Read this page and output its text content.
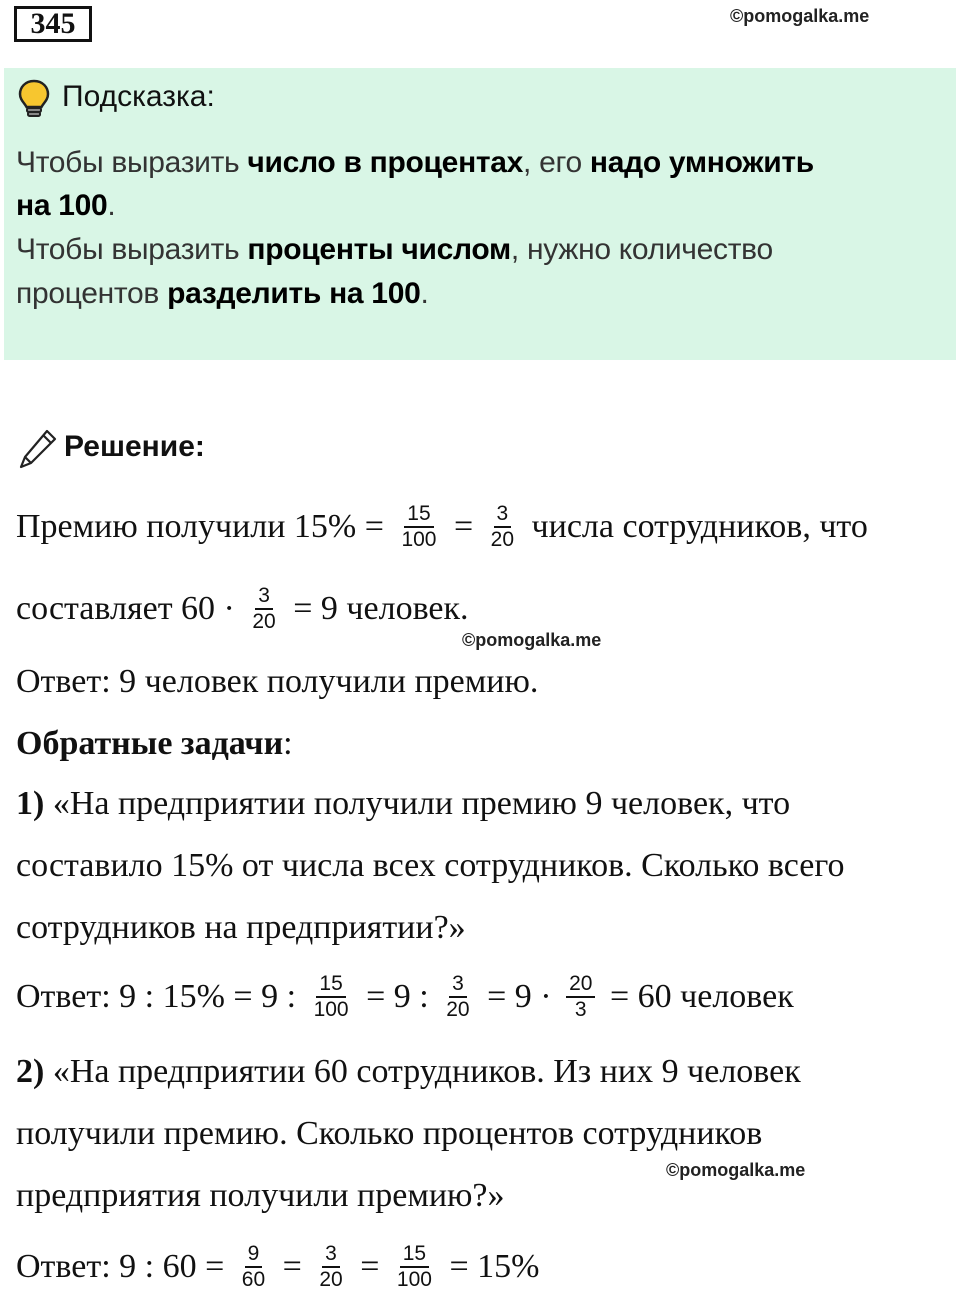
345	©pomogalka.me
Подсказка:
Чтобы выразить число в процентах, его надо умножить
на 100.
Чтобы выразить проценты числом, нужно количество
процентов разделить на 100.
Решение:
Премию получили $15\% = \frac{15}{100} = \frac{3}{20}$ числа сотрудников, что
составляет $60 \cdot \frac{3}{20} = 9$ человек.
©pomogalka.me
Ответ: 9 человек получили премию.
Обратные задачи :
1) «На предприятии получили премию 9 человек, что
составило 15% от числа всех сотрудников. Сколько всего
сотрудников на предприятии?»
Ответ: 9 : 15% = 9 : $\frac{15}{100} = 9$ : $\frac{3}{20} = 9 \cdot \frac{20}{3} = 60$ человек
2) «На предприятии 60 сотрудников. Из них 9 человек
получили премию. Сколько процентов сотрудников
©pomogalka.me
предприятия получили премию?»
Ответ: 9 : $60 = \frac{9}{60} = \frac{3}{20} = \frac{15}{100} = 15\%$
